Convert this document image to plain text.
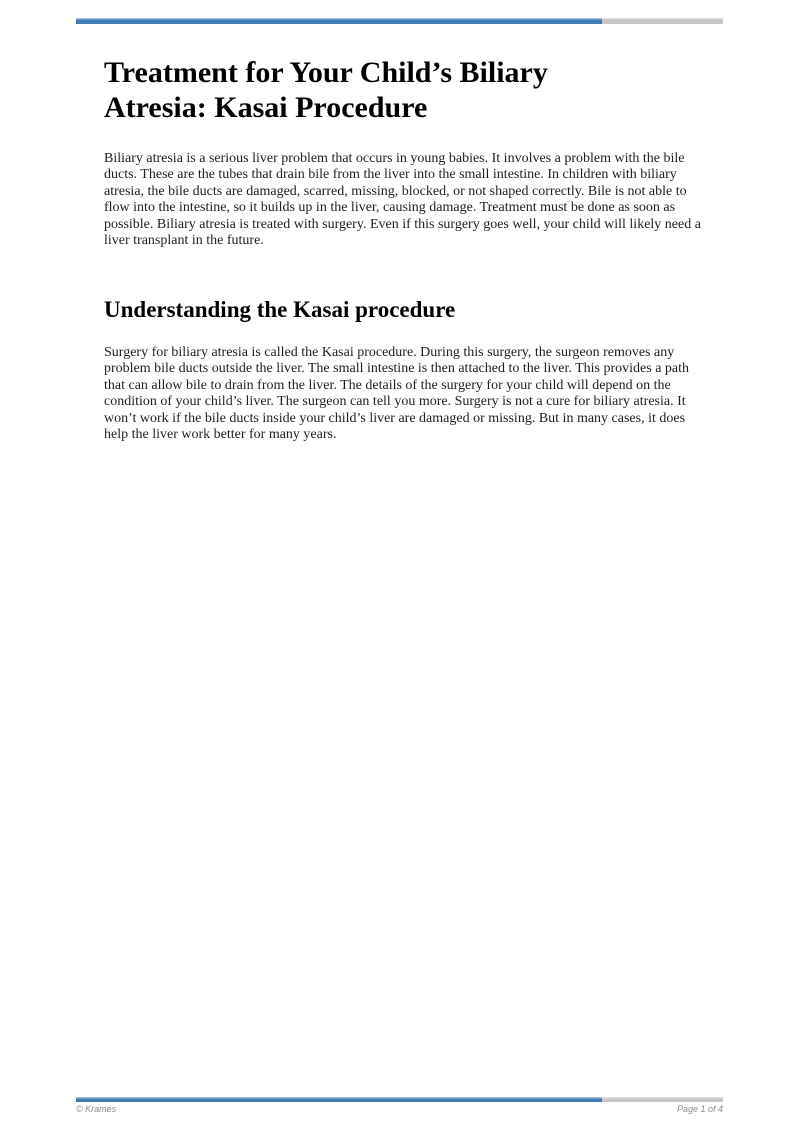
Treatment for Your Child’s Biliary Atresia: Kasai Procedure

Biliary atresia is a serious liver problem that occurs in young babies. It involves a problem with the bile ducts. These are the tubes that drain bile from the liver into the small intestine. In children with biliary atresia, the bile ducts are damaged, scarred, missing, blocked, or not shaped correctly. Bile is not able to flow into the intestine, so it builds up in the liver, causing damage. Treatment must be done as soon as possible. Biliary atresia is treated with surgery. Even if this surgery goes well, your child will likely need a liver transplant in the future.

Understanding the Kasai procedure

Surgery for biliary atresia is called the Kasai procedure. During this surgery, the surgeon removes any problem bile ducts outside the liver. The small intestine is then attached to the liver. This provides a path that can allow bile to drain from the liver. The details of the surgery for your child will depend on the condition of your child’s liver. The surgeon can tell you more. Surgery is not a cure for biliary atresia. It won’t work if the bile ducts inside your child’s liver are damaged or missing. But in many cases, it does help the liver work better for many years.

© Krames	Page 1 of 4
